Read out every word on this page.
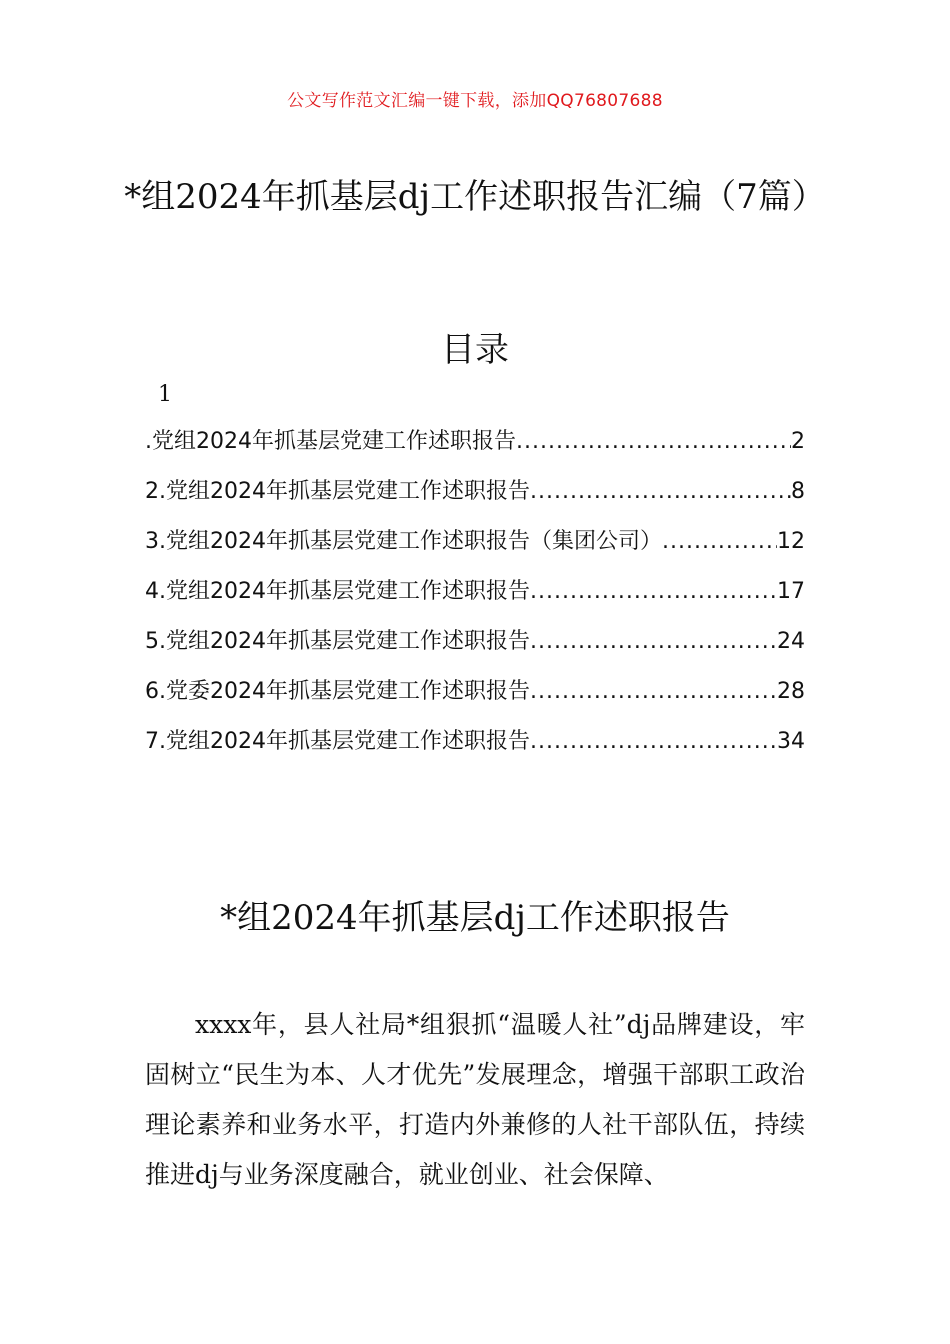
公文写作范文汇编一键下载，添加QQ76807688
*组2024年抓基层dj工作述职报告汇编（7篇）
目录
1
.党组2024年抓基层党建工作述职报告 .....	2
2.党组2024年抓基层党建工作述职报告 .....	8
3.党组2024年抓基层党建工作述职报告（集团公司） .....	12
4.党组2024年抓基层党建工作述职报告 .....	17
5.党组2024年抓基层党建工作述职报告 .....	24
6.党委2024年抓基层党建工作述职报告 .....	28
7.党组2024年抓基层党建工作述职报告 .....	34
*组2024年抓基层dj工作述职报告

xxxx年，县人社局*组狠抓“温暖人社”dj品牌建设，牢固树立“民生为本、人才优先”发展理念，增强干部职工政治理论素养和业务水平，打造内外兼修的人社干部队伍，持续推进dj与业务深度融合，就业创业、社会保障、
